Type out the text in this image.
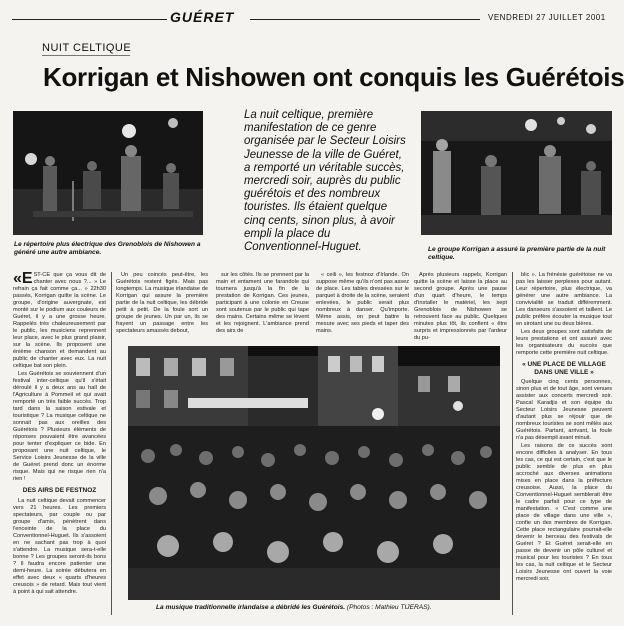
GUÉRET	VENDREDI 27 JUILLET 2001
NUIT CELTIQUE
Korrigan et Nishowen ont conquis les Guérétois
Le répertoire plus électrique des Grenoblois de Nishowen a généré une autre ambiance.
La nuit celtique, première manifestation de ce genre organisée par le Secteur Loisirs Jeunesse de la ville de Guéret, a remporté un véritable succès, mercredi soir, auprès du public guérétois et des nombreux touristes. Ils étaient quelque cinq cents, sinon plus, à avoir empli la place du Conventionnel-Huguet.	Le groupe Korrigan a assuré la première partie de la nuit celtique.

«EST-CE que ça vous dit de chanter avec nous ?... » Le refrain ça fait comme ça... » 22h30 passés, Korrigan quitte la scène. Le groupe, d'origine auvergnate, est monté sur le podium aux couleurs de Guéret, il y a une grosse heure. Rappelés très chaleureusement par le public, les musiciens reprennent leur place, avec le plus grand plaisir, sur la scène. Ils proposent une énième chanson et demandent au public de chanter avec eux. La nuit celtique bat son plein.

Les Guérétois se souviennent d'un festival inter-celtique qu'il s'était déroulé il y a deux ans au hall de l'Agriculture à Pommeil et qui avait remporté un très faible succès. Trop tard dans la saison estivale et touristique ? La musique celtique ne sonnait pas aux oreilles des Guérétois ? Plusieurs éléments de réponses pouvaient être avancées pour tenter d'expliquer ce bide. En proposant une nuit celtique, le Service Loisirs Jeunesse de la ville de Guéret prend donc un énorme risque. Mais qui ne risque rien n'a rien !

DES AIRS DE FESTNOZ

La nuit celtique devait commencer vers 21 heures. Les premiers spectateurs, par couple ou par groupe d'amis, pénètrent dans l'enceinte de la place du Conventionnel-Huguet. Ils s'assoient en ne sachant pas trop à quoi s'attendre. La musique sera-t-elle bonne ? Les groupes seront-ils bons ? Il faudra encore patienter une demi-heure. La soirée débutera en effet avec deux « quarts d'heures creusois » de retard. Mais tout vient à point à qui sait attendre.

Un peu coincés peut-être, les Guérétois restent figés. Mais pas longtemps. La musique irlandaise de Korrigan qui assure la première partie de la nuit celtique, les débride petit à petit. De la foule sort un groupe de jeunes. Un par un, ils se frayent un passage entre les spectateurs amassés debout,

sur les côtés. Ils se prennent par la main et entament une farandole qui tournera jusqu'à la fin de la prestation de Korrigan. Ces jeunes, participant à une colonie en Creuse sont soutenus par le public qui tape des mains. Certains même se lèvent et les rejoignent. L'ambiance prend des airs de

« ceili », les festnoz d'Irlande. On suppose même qu'ils n'ont pas assez de place. Les tables dressées sur le parquet à droite de la scène, seraient enlevées, le public serait plus nombreux à danser. Qu'importe. Même assis, on peut battre la mesure avec ses pieds et taper des mains.

Après plusieurs rappels, Korrigan quitte la scène et laisse la place au second groupe. Après une pause d'un quart d'heure, le temps d'installer le matériel, les sept Grenoblois de Nishowen se retrouvent face au public. Quelques minutes plus tôt, ils confient « être surpris et impressionnés par l'ardeur du pu-

blic ». La frénésie guérétoise ne va pas les laisser perplexes pour autant. Leur répertoire, plus électrique, va générer une autre ambiance. La convivialité se traduit différemment. Les danseurs s'assoient et taillent. Le public préfère écouter la musique tout en sirotant une ou deux bières.

Les deux groupes sont satisfaits de leurs prestations et ont assuré avec les organisateurs du succès que remporte cette première nuit celtique.

« UNE PLACE DE VILLAGE DANS UNE VILLE »

Quelque cinq cents personnes, sinon plus et de tout âge, sont venues assister aux concerts mercredi soir. Pascal Karadjis et son équipe du Secteur Loisirs Jeunesse peuvent d'autant plus se réjouir que de nombreux touristes se sont mêlés aux Guérétois. Partant, arrivant, la foule n'a pas désempli avant minuit.

Les raisons de ce succès sont encore difficiles à analyser. En tous les cas, ce qui est certain, c'est que le public semble de plus en plus accroché aux diverses animations mises en place dans la préfecture creusoise. Aussi, la place du Conventionnel-Huguet semblerait être le cadre parfait pour ce type de manifestation. « C'est comme une place de village dans une ville », confie un des membres de Korrigan. Cette place rectangulaire pourrait-elle devenir le berceau des festivals de Guéret ? Et Guéret serait-elle en passe de devenir un pôle culturel et musical pour les touristes ? En tous les cas, la nuit celtique et le Secteur Loisirs Jeunesse ont ouvert la voie mercredi soir.

La musique traditionnelle irlandaise a débridé les Guérétois. (Photos : Mathieu TIJERAS).
